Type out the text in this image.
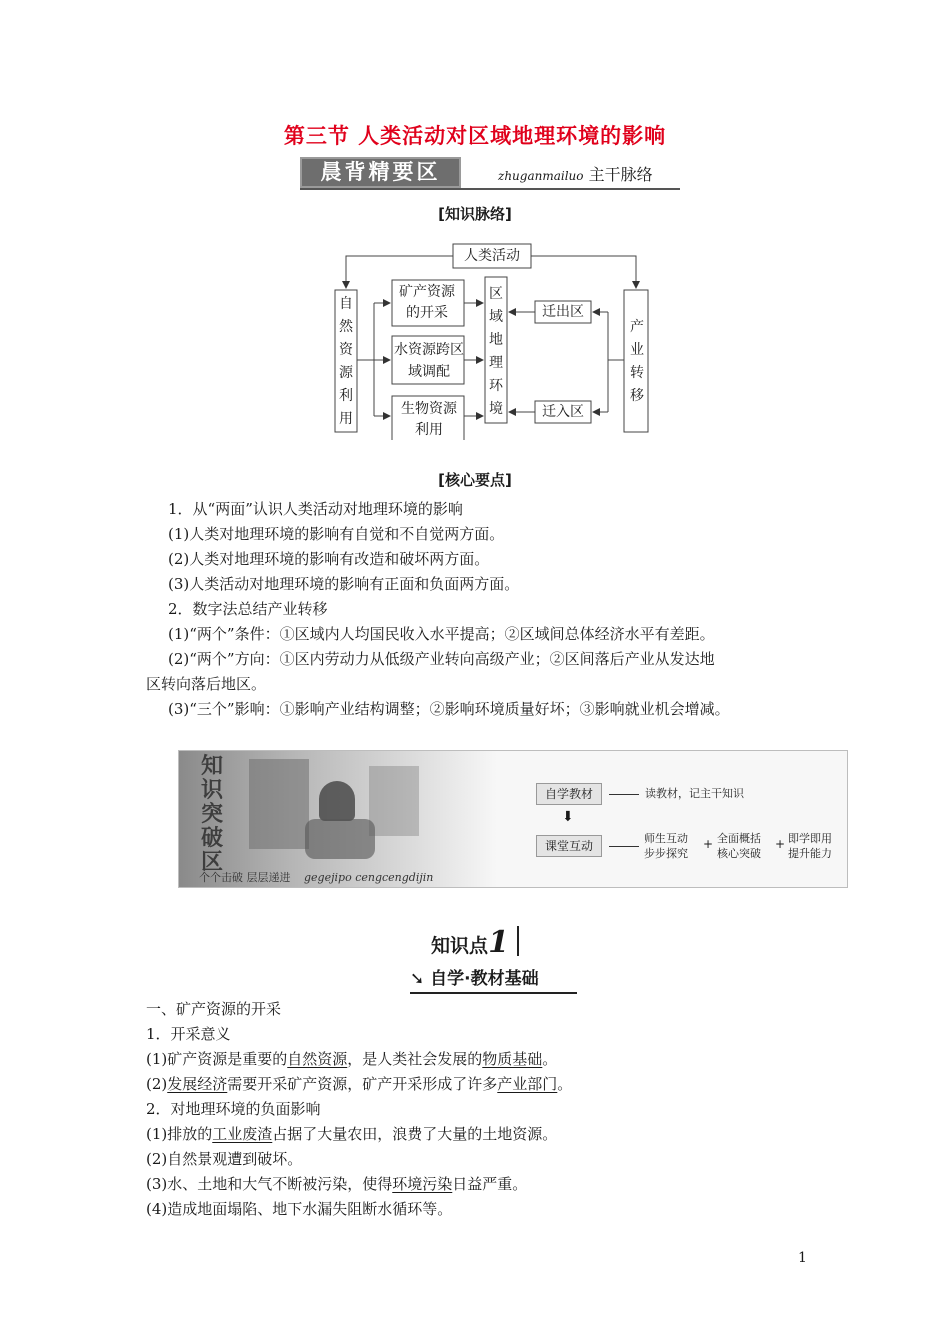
第三节 人类活动对区域地理环境的影响
晨背精要区	zhuganmailuo 主干脉络
[知识脉络]
人类活动
自然资源利用
矿产资源的开采
水资源跨区域调配
生物资源利用
区域地理环境
迁出区
迁入区
产业转移
[核心要点]
1．从“两面”认识人类活动对地理环境的影响
(1)人类对地理环境的影响有自觉和不自觉两方面。
(2)人类对地理环境的影响有改造和破坏两方面。
(3)人类活动对地理环境的影响有正面和负面两方面。
2．数字法总结产业转移
(1)“两个”条件：①区域内人均国民收入水平提高；②区域间总体经济水平有差距。
(2)“两个”方向：①区内劳动力从低级产业转向高级产业；②区间落后产业从发达地
区转向落后地区。
(3)“三个”影响：①影响产业结构调整；②影响环境质量好坏；③影响就业机会增减。
知识突破区
个个击破 层层递进 gegejipo cengcengdijin
自学教材	读教材，记主干知识
⬇
课堂互动
师生互动
步步探究
+ 全面概括
核心突破
+ 即学即用
提升能力
知识点1
➘ 自学·教材基础
一、矿产资源的开采
1．开采意义
(1)矿产资源是重要的自然资源，是人类社会发展的物质基础。
(2)发展经济需要开采矿产资源，矿产开采形成了许多产业部门。
2．对地理环境的负面影响
(1)排放的工业废渣占据了大量农田，浪费了大量的土地资源。
(2)自然景观遭到破坏。
(3)水、土地和大气不断被污染，使得环境污染日益严重。
(4)造成地面塌陷、地下水漏失阻断水循环等。
1
